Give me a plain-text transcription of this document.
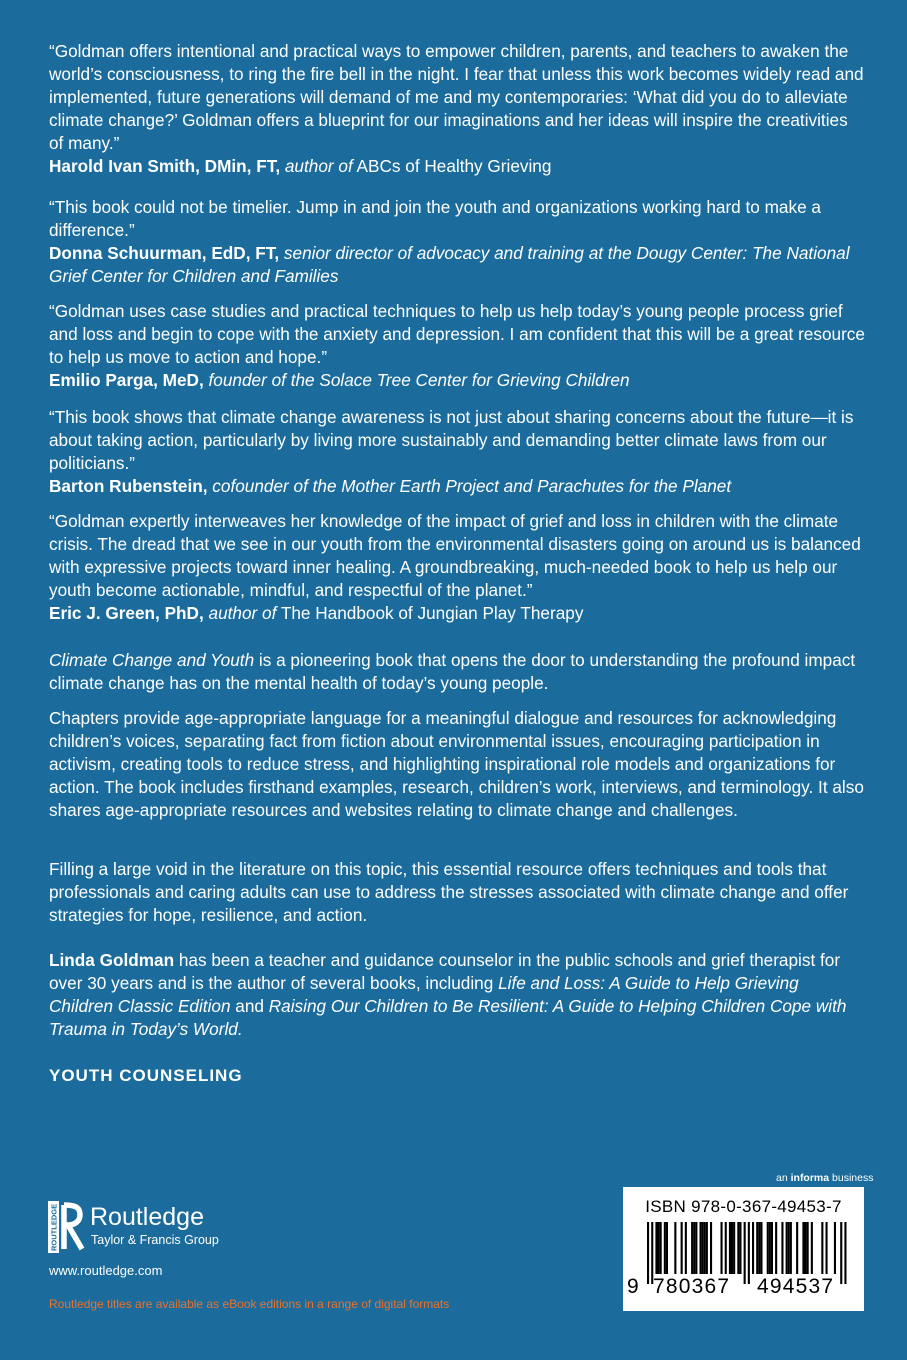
“Goldman offers intentional and practical ways to empower children, parents, and teachers to awaken the world’s consciousness, to ring the fire bell in the night. I fear that unless this work becomes widely read and implemented, future generations will demand of me and my contemporaries: ‘What did you do to alleviate climate change?’ Goldman offers a blueprint for our imaginations and her ideas will inspire the creativities of many.”

Harold Ivan Smith, DMin, FT, author of ABCs of Healthy Grieving

“This book could not be timelier. Jump in and join the youth and organizations working hard to make a difference.”

Donna Schuurman, EdD, FT, senior director of advocacy and training at the Dougy Center: The National Grief Center for Children and Families

“Goldman uses case studies and practical techniques to help us help today’s young people process grief and loss and begin to cope with the anxiety and depression. I am confident that this will be a great resource to help us move to action and hope.”

Emilio Parga, MeD, founder of the Solace Tree Center for Grieving Children

“This book shows that climate change awareness is not just about sharing concerns about the future—it is about taking action, particularly by living more sustainably and demanding better climate laws from our politicians.”

Barton Rubenstein, cofounder of the Mother Earth Project and Parachutes for the Planet

“Goldman expertly interweaves her knowledge of the impact of grief and loss in children with the climate crisis. The dread that we see in our youth from the environmental disasters going on around us is balanced with expressive projects toward inner healing. A groundbreaking, much-needed book to help us help our youth become actionable, mindful, and respectful of the planet.”

Eric J. Green, PhD, author of The Handbook of Jungian Play Therapy

Climate Change and Youth is a pioneering book that opens the door to understanding the profound impact climate change has on the mental health of today’s young people.

Chapters provide age-appropriate language for a meaningful dialogue and resources for acknowledging children’s voices, separating fact from fiction about environmental issues, encouraging participation in activism, creating tools to reduce stress, and highlighting inspirational role models and organizations for action. The book includes firsthand examples, research, children’s work, interviews, and terminology. It also shares age-appropriate resources and websites relating to climate change and challenges.

Filling a large void in the literature on this topic, this essential resource offers techniques and tools that professionals and caring adults can use to address the stresses associated with climate change and offer strategies for hope, resilience, and action.

Linda Goldman has been a teacher and guidance counselor in the public schools and grief therapist for over 30 years and is the author of several books, including Life and Loss: A Guide to Help Grieving Children Classic Edition and Raising Our Children to Be Resilient: A Guide to Helping Children Cope with Trauma in Today’s World.

YOUTH COUNSELING
an informa business
ROUTLEDGE Routledge
Taylor & Francis Group
www.routledge.com
Routledge titles are available as eBook editions in a range of digital formats
ISBN 978-0-367-49453-7
9 780367 494537
